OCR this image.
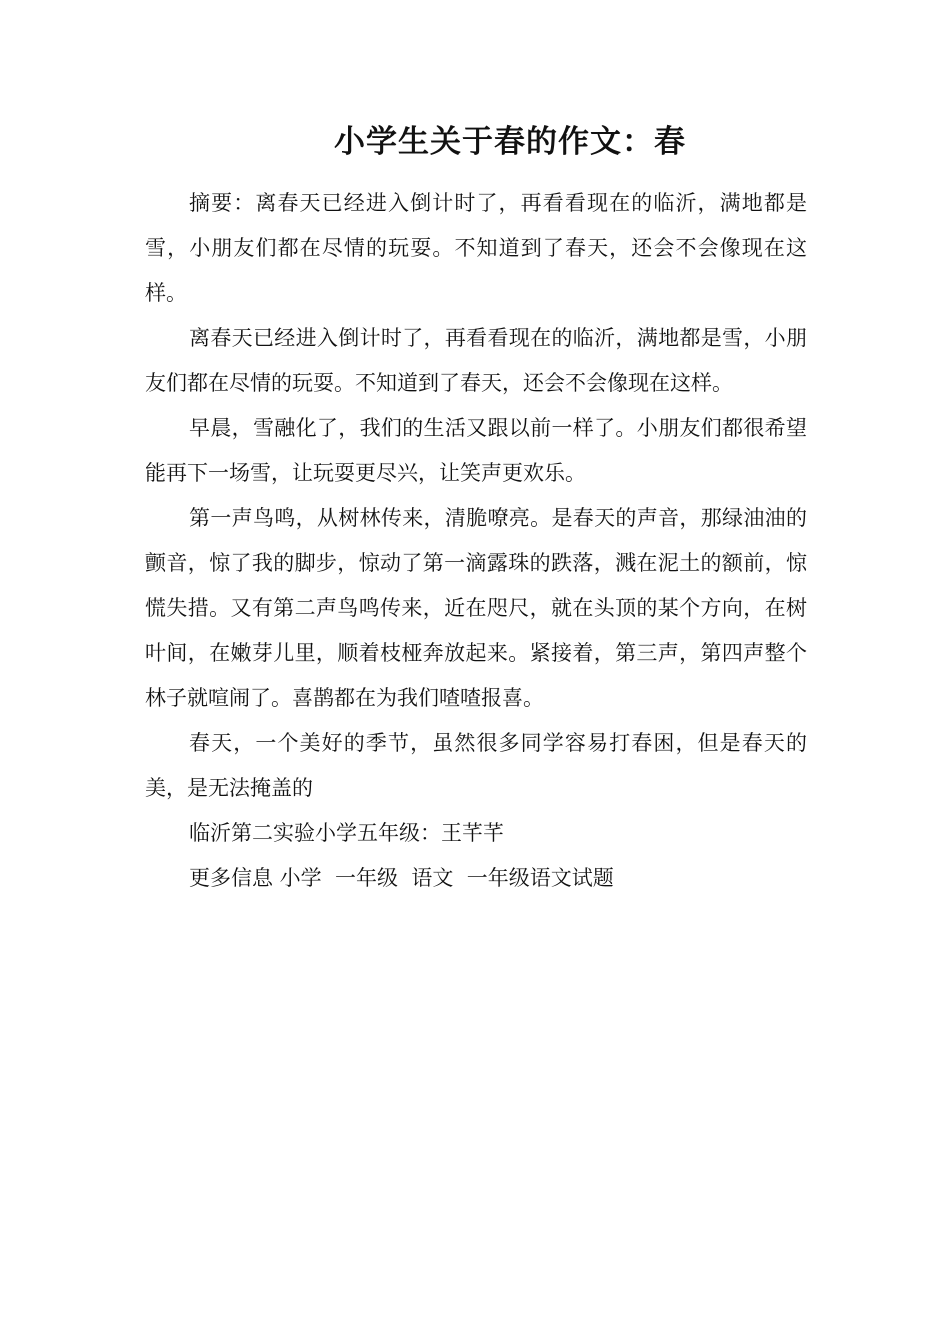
小学生关于春的作文：春

摘要：离春天已经进入倒计时了，再看看现在的临沂，满地都是雪，小朋友们都在尽情的玩耍。不知道到了春天，还会不会像现在这样。

离春天已经进入倒计时了，再看看现在的临沂，满地都是雪，小朋友们都在尽情的玩耍。不知道到了春天，还会不会像现在这样。

早晨，雪融化了，我们的生活又跟以前一样了。小朋友们都很希望能再下一场雪，让玩耍更尽兴，让笑声更欢乐。

第一声鸟鸣，从树林传来，清脆嘹亮。是春天的声音，那绿油油的颤音，惊了我的脚步，惊动了第一滴露珠的跌落，溅在泥土的额前，惊慌失措。又有第二声鸟鸣传来，近在咫尺，就在头顶的某个方向，在树叶间，在嫩芽儿里，顺着枝桠奔放起来。紧接着，第三声，第四声整个林子就喧闹了。喜鹊都在为我们喳喳报喜。

春天，一个美好的季节，虽然很多同学容易打春困，但是春天的美，是无法掩盖的

临沂第二实验小学五年级：王芊芊

更多信息 小学  一年级  语文  一年级语文试题
